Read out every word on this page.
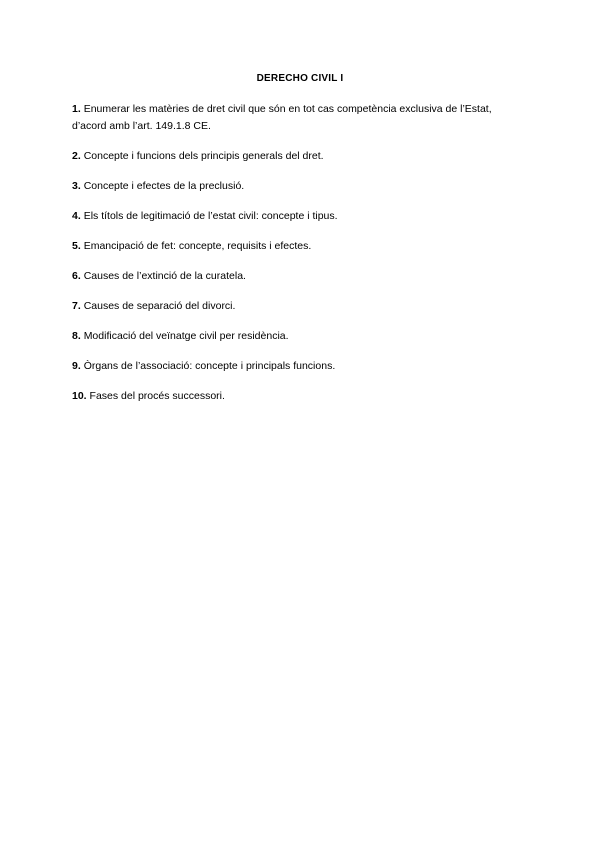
DERECHO CIVIL I
1. Enumerar les matèries de dret civil que són en tot cas competència exclusiva de l’Estat, d’acord amb l’art. 149.1.8 CE.
2. Concepte i funcions dels principis generals del dret.
3. Concepte i efectes de la preclusió.
4. Els títols de legitimació de l’estat civil: concepte i tipus.
5. Emancipació de fet: concepte, requisits i efectes.
6. Causes de l’extinció de la curatela.
7. Causes de separació del divorci.
8. Modificació del veïnatge civil per residència.
9. Òrgans de l’associació: concepte i principals funcions.
10. Fases del procés successori.
